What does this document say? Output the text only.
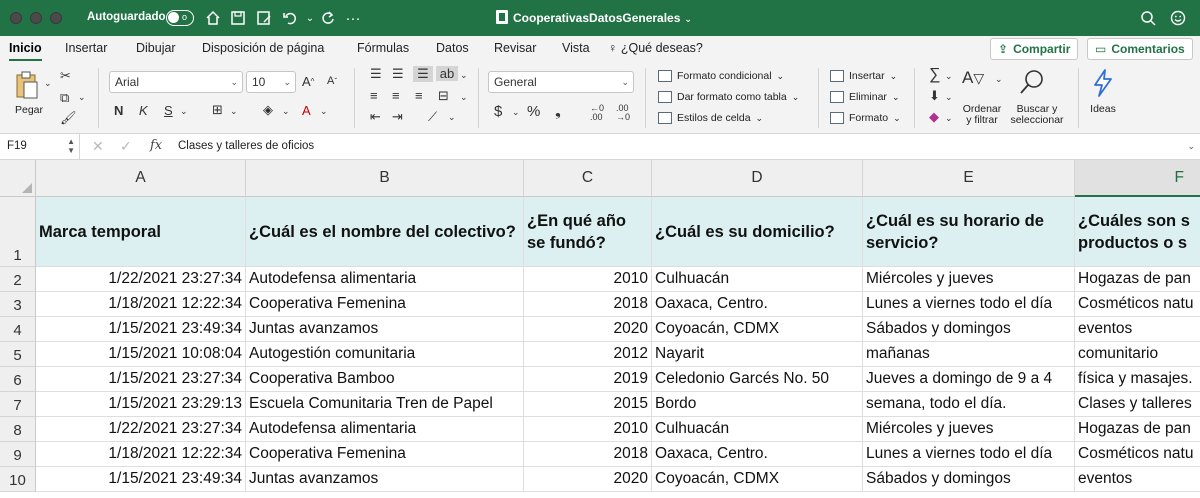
Autoguardado o	⌄	···	CooperativasDatosGenerales ⌄
Inicio Insertar Dibujar Disposición de página	Fórmulas Datos Revisar Vista ♀ ¿Qué deseas?	⇪ Compartir ▭ Comentarios
Pegar
⌄ ✂
⧉ ⌄
🖌
Arial	⌄ 10 ⌄ A ^ A ˇ
N K S ⌄ ⊞ ⌄ ◈ ⌄ A ⌄
☰ ☰	☰ ab ⌄
≡ ≡ ≡ ⊟ ⌄
⇤ ⇥ ⟋ ⌄
General	⌄
$ ⌄ % ❟	←0
.00
.00
→0
Formato condicional ⌄
Dar formato como tabla ⌄
Estilos de celda ⌄
Insertar ⌄
Eliminar ⌄
Formato ⌄
∑ ⌄
⬇ ⌄
◆ ⌄
A ▽ ⌄
Ordenar
y filtrar
Buscar y
seleccionar
Ideas
F19	▲
▼ ✕ ✓ fx Clases y talleres de oficios	⌄
A	B	C	D	E	F
1
Marca temporal	¿Cuál es el nombre del colectivo?
¿En qué año se fundó?
¿Cuál es su domicilio?
¿Cuál es su horario de servicio?
¿Cuáles son s productos o s
2	1/22/2021 23:27:34 Autodefensa alimentaria	2010 Culhuacán	Miércoles y jueves	Hogazas de pan
3	1/18/2021 12:22:34 Cooperativa Femenina	2018 Oaxaca, Centro.	Lunes a viernes todo el día	Cosméticos natu
4	1/15/2021 23:49:34 Juntas avanzamos	2020 Coyoacán, CDMX	Sábados y domingos	eventos
5	1/15/2021 10:08:04 Autogestión comunitaria	2012 Nayarit	mañanas	comunitario
6	1/15/2021 23:27:34 Cooperativa Bamboo	2019 Celedonio Garcés No. 50	Jueves a domingo de 9 a 4	física y masajes.
7	1/15/2021 23:29:13 Escuela Comunitaria Tren de Papel	2015 Bordo	semana, todo el día.	Clases y talleres
8	1/22/2021 23:27:34 Autodefensa alimentaria	2010 Culhuacán	Miércoles y jueves	Hogazas de pan
9	1/18/2021 12:22:34 Cooperativa Femenina	2018 Oaxaca, Centro.	Lunes a viernes todo el día	Cosméticos natu
10	1/15/2021 23:49:34 Juntas avanzamos	2020 Coyoacán, CDMX	Sábados y domingos	eventos
